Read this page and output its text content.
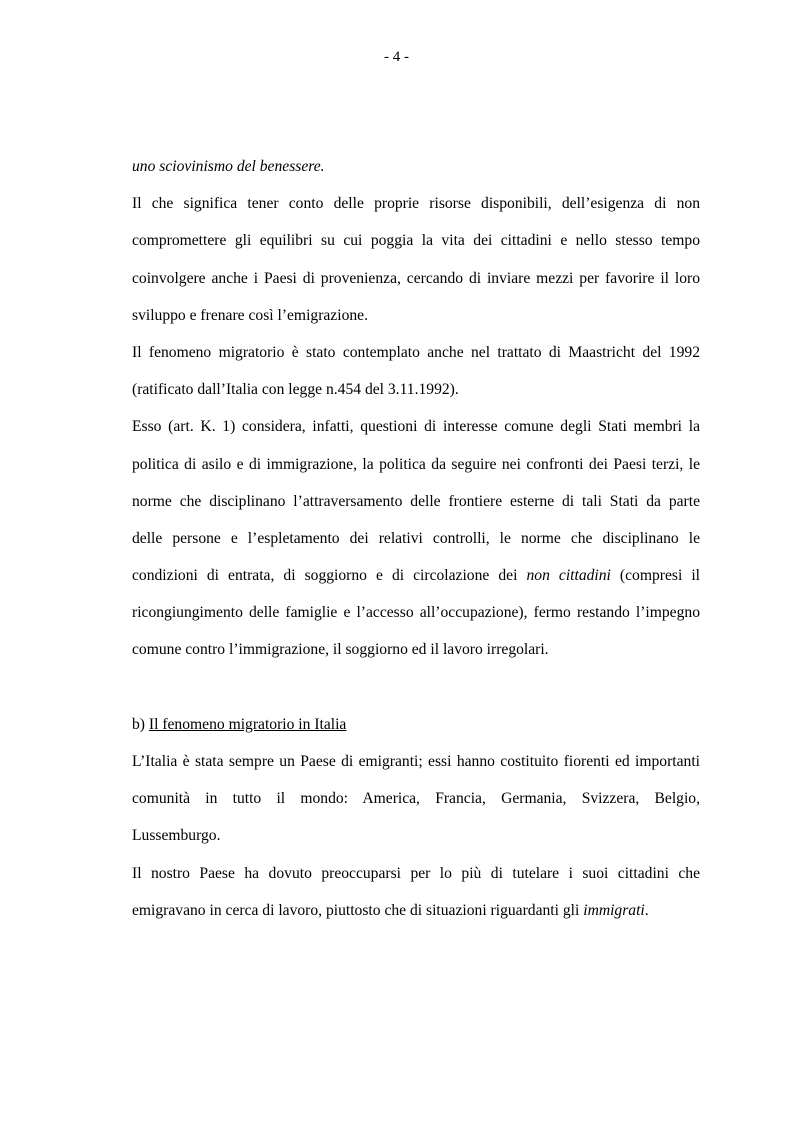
- 4 -
uno sciovinismo del benessere.
Il che significa tener conto delle proprie risorse disponibili, dell’esigenza di non
compromettere gli equilibri su cui poggia la vita dei cittadini e nello stesso tempo
coinvolgere anche i Paesi di provenienza, cercando di inviare mezzi per favorire il loro
sviluppo e frenare così l’emigrazione.
Il fenomeno migratorio è stato contemplato anche nel trattato di Maastricht del 1992
(ratificato dall’Italia con legge n.454 del 3.11.1992).
Esso (art. K. 1) considera, infatti, questioni di interesse comune degli Stati membri la
politica di asilo e di immigrazione, la politica da seguire nei confronti dei Paesi terzi, le
norme che disciplinano l’attraversamento delle frontiere esterne di tali Stati da parte
delle persone e l’espletamento dei relativi controlli, le norme che disciplinano le
condizioni di entrata, di soggiorno e di circolazione dei non cittadini (compresi il
ricongiungimento delle famiglie e l’accesso all’occupazione), fermo restando l’impegno
comune contro l’immigrazione, il soggiorno ed il lavoro irregolari.
b) Il fenomeno migratorio in Italia
L’Italia è stata sempre un Paese di emigranti; essi hanno costituito fiorenti ed importanti
comunità in tutto il mondo: America, Francia, Germania, Svizzera, Belgio,
Lussemburgo.
Il nostro Paese ha dovuto preoccuparsi per lo più di tutelare i suoi cittadini che
emigravano in cerca di lavoro, piuttosto che di situazioni riguardanti gli immigrati.
